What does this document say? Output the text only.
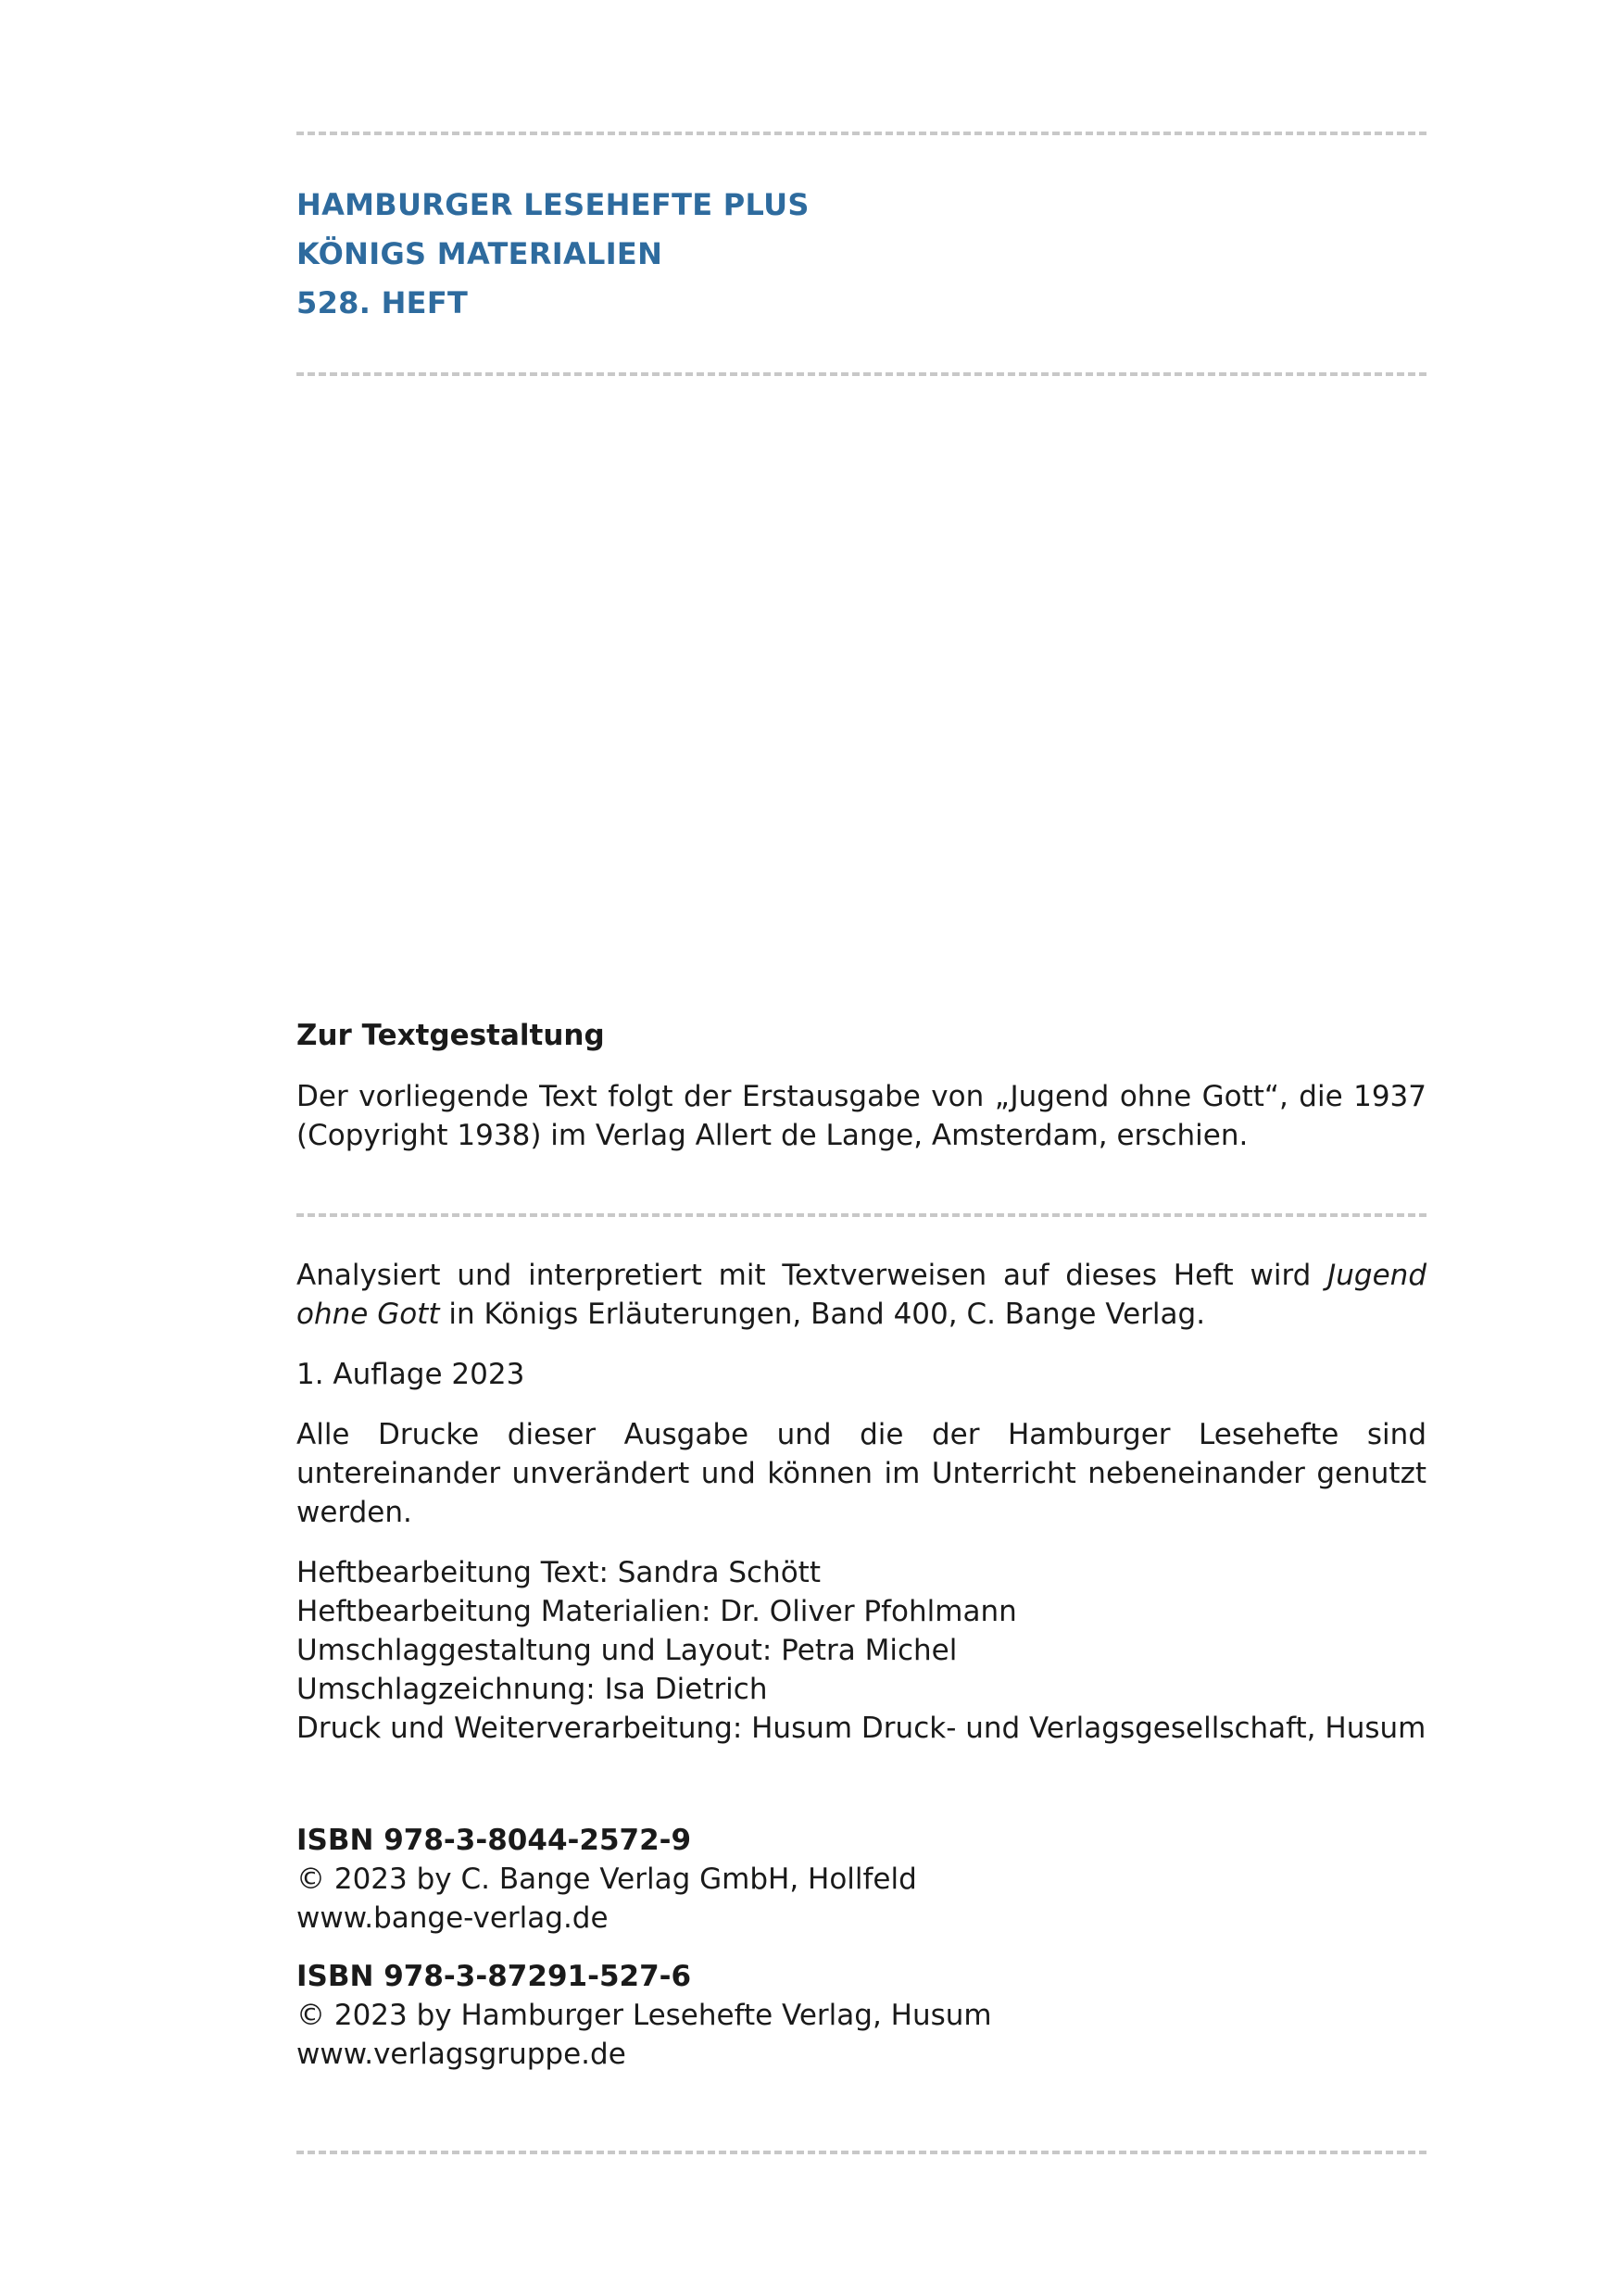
HAMBURGER LESEHEFTE PLUS
KÖNIGS MATERIALIEN
528. HEFT
Zur Textgestaltung

Der vorliegende Text folgt der Erstausgabe von „Jugend ohne Gott“, die 1937 (Copyright 1938) im Verlag Allert de Lange, Amsterdam, erschien.

Analysiert und interpretiert mit Textverweisen auf dieses Heft wird Jugend ohne Gott in Königs Erläuterungen, Band 400, C. Bange Verlag.

1. Auflage 2023

Alle Drucke dieser Ausgabe und die der Hamburger Lesehefte sind untereinander unverändert und können im Unterricht nebeneinander genutzt werden.

Heftbearbeitung Text: Sandra Schött

Heftbearbeitung Materialien: Dr. Oliver Pfohlmann

Umschlaggestaltung und Layout: Petra Michel

Umschlagzeichnung: Isa Dietrich

Druck und Weiterverarbeitung: Husum Druck- und Verlagsgesellschaft, Husum

ISBN 978-3-8044-2572-9

© 2023 by C. Bange Verlag GmbH, Hollfeld

www.bange-verlag.de

ISBN 978-3-87291-527-6

© 2023 by Hamburger Lesehefte Verlag, Husum

www.verlagsgruppe.de
